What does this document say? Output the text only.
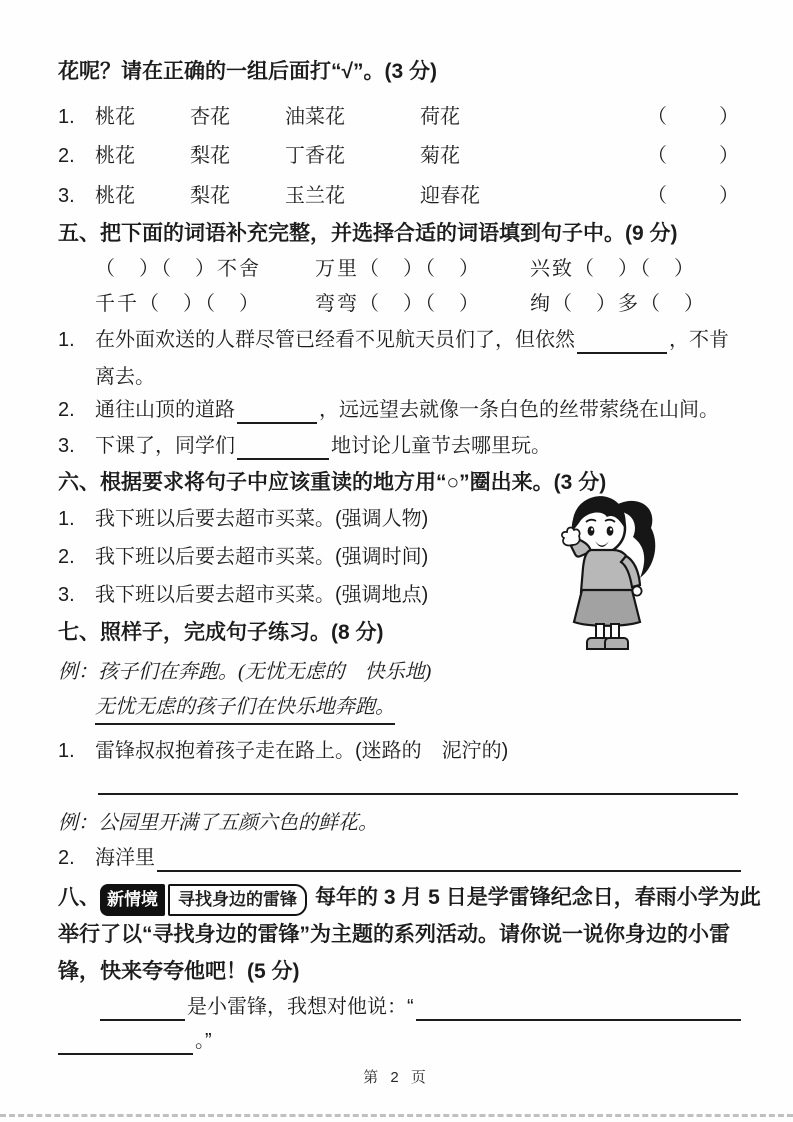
花呢？请在正确的一组后面打“√”。(3 分)
1.	桃花	杏花	油菜花	荷花	（　　）
2.	桃花	梨花	丁香花	菊花	（　　）
3.	桃花	梨花	玉兰花	迎春花	（　　）
五、把下面的词语补充完整，并选择合适的词语填到句子中。(9 分)
（　）（　）不舍	万里（　）（　）	兴致（　）（　）
千千（　）（　）	弯弯（　）（　）	绚（　）多（　）
1.	在外面欢送的人群尽管已经看不见航天员们了，但依然	，不肯
离去。
2.	通往山顶的道路	，远远望去就像一条白色的丝带萦绕在山间。
3.	下课了，同学们	地讨论儿童节去哪里玩。
六、根据要求将句子中应该重读的地方用“○”圈出来。(3 分)
1.	我下班以后要去超市买菜。(强调人物)
2.	我下班以后要去超市买菜。(强调时间)
3.	我下班以后要去超市买菜。(强调地点)
七、照样子，完成句子练习。(8 分)
例： 孩子们在奔跑。(无忧无虑的　快乐地)
无忧无虑的孩子们在快乐地奔跑。
1.	雷锋叔叔抱着孩子走在路上。(迷路的　泥泞的)
例： 公园里开满了五颜六色的鲜花。
2.	海洋里
八、 新情境	寻找身边的雷锋 每年的 3 月 5 日是学雷锋纪念日，春雨小学为此
举行了以“寻找身边的雷锋”为主题的系列活动。请你说一说你身边的小雷
锋，快来夸夸他吧！(5 分)
是小雷锋，我想对他说：“
。”
第 2 页
